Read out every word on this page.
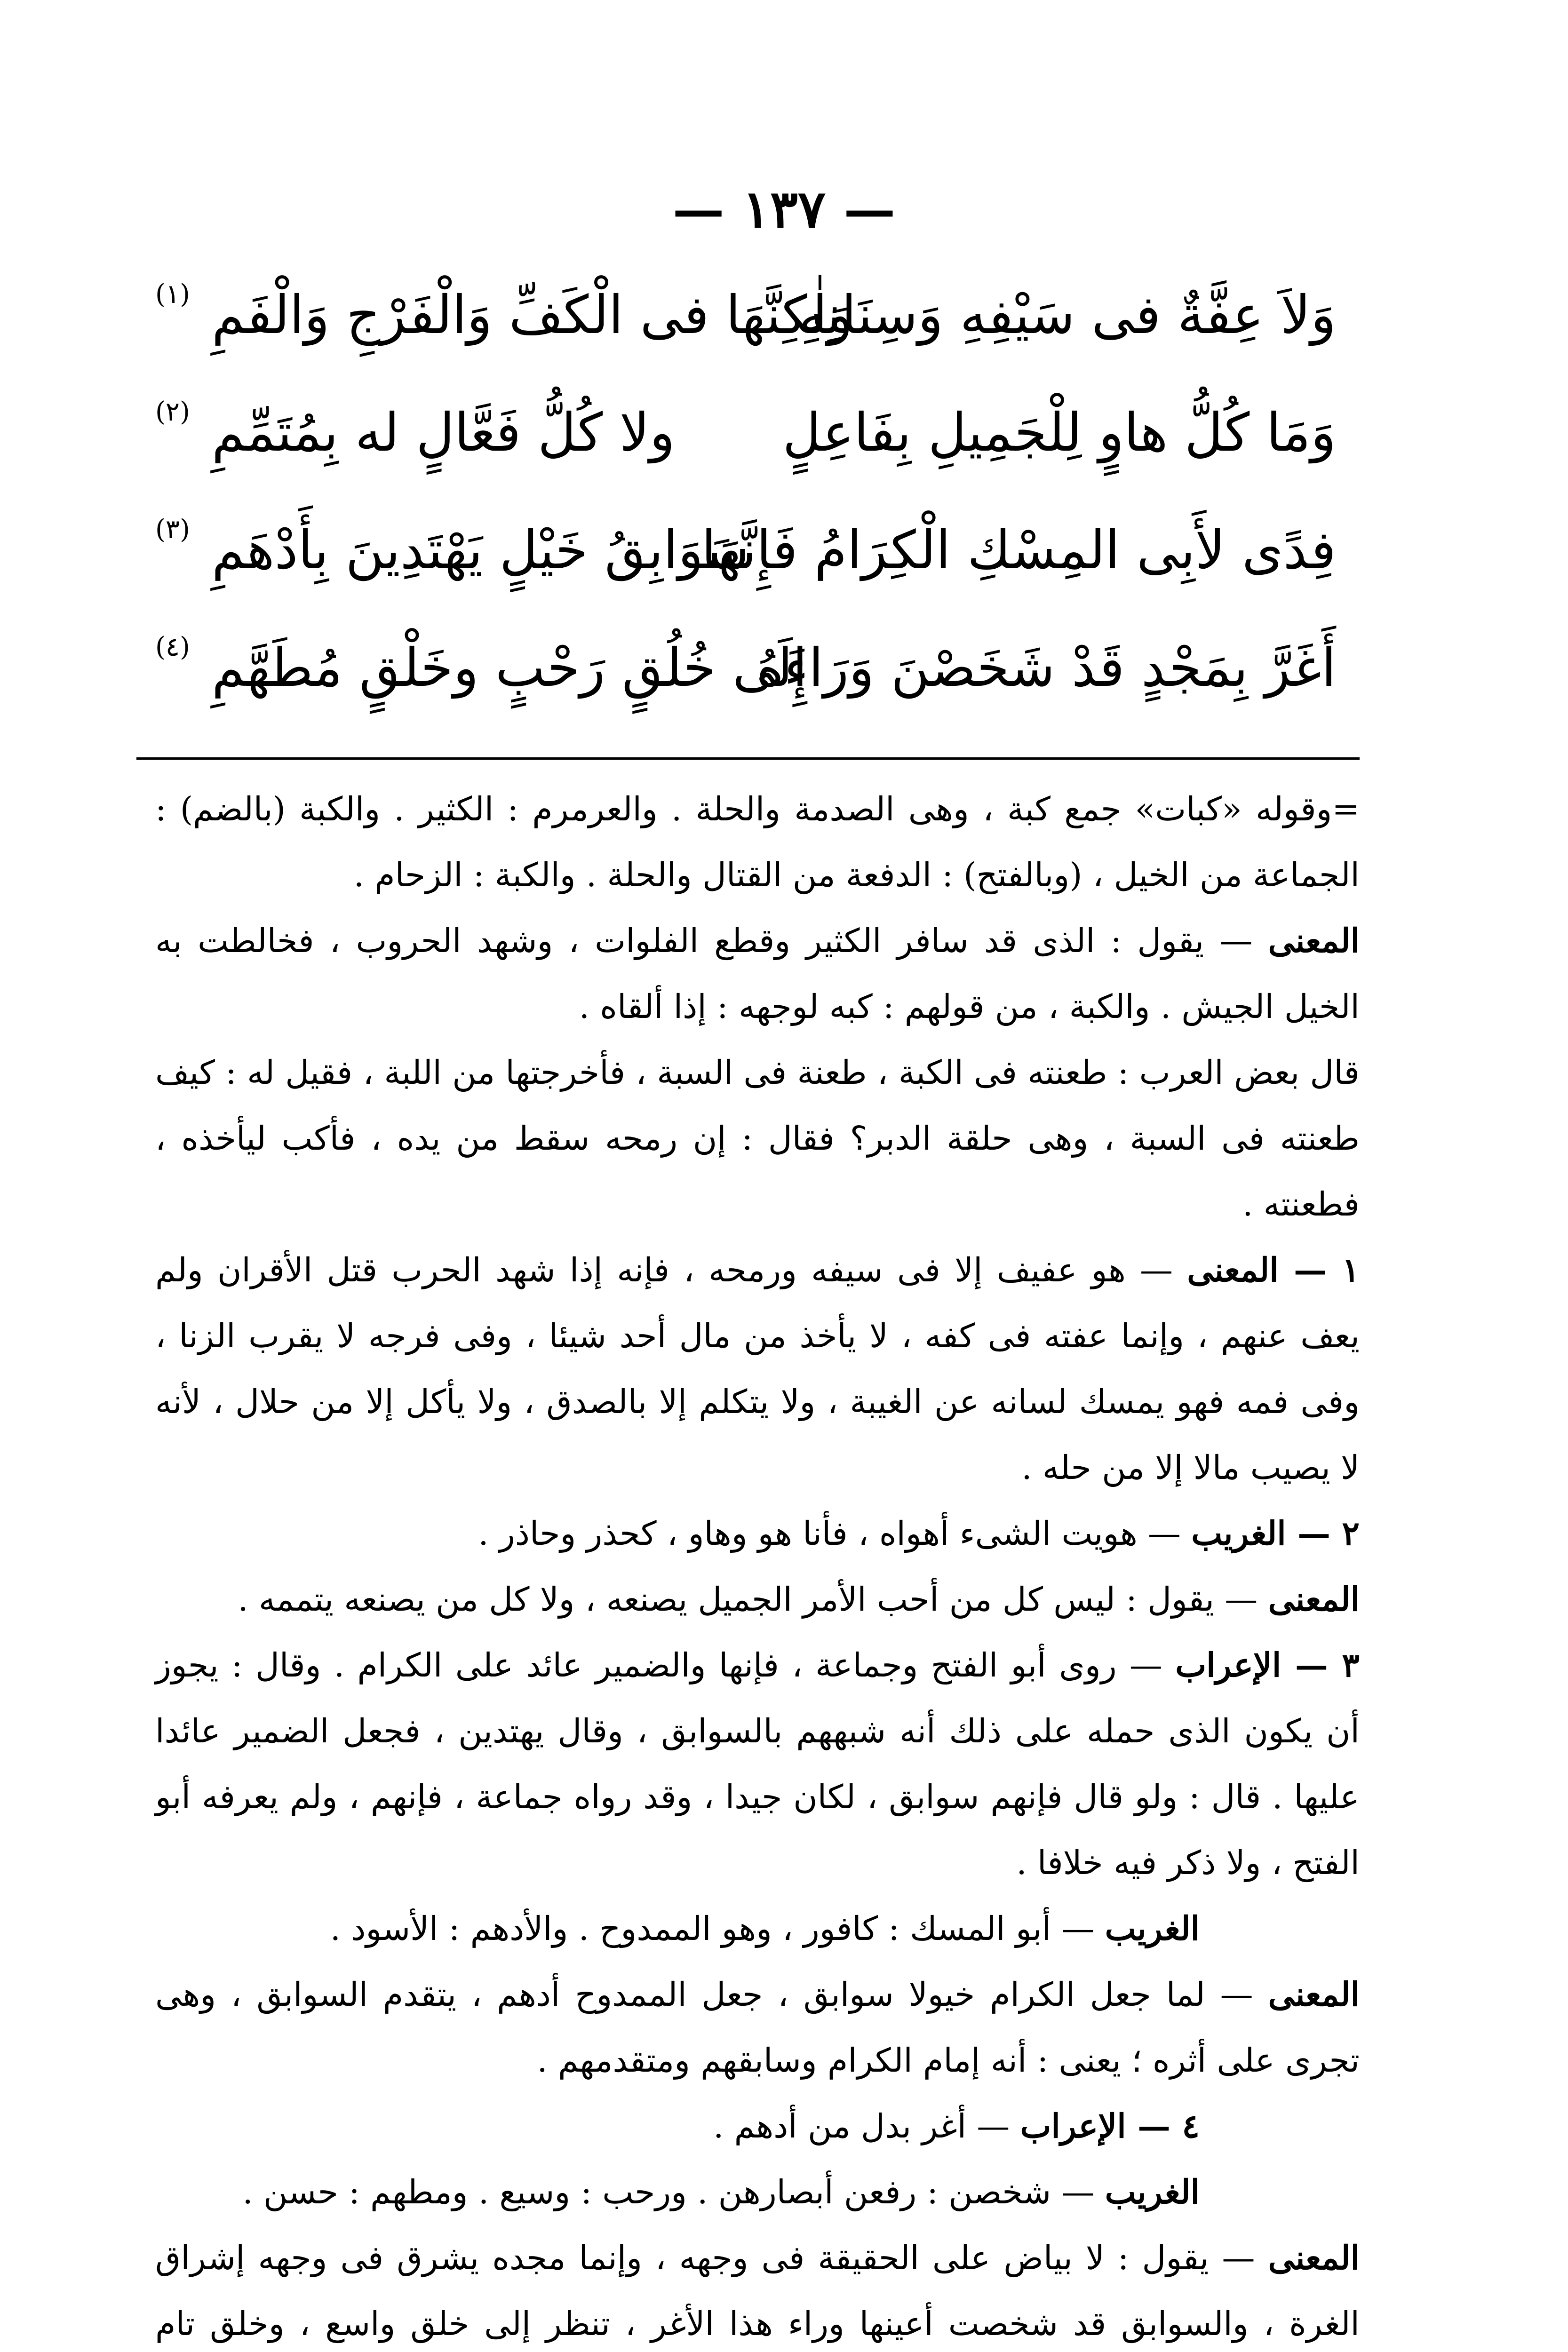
— ١٣٧ —
وَلاَ عِفَّةٌ فى سَيْفِهِ وَسِنَانِهِ
وَلٰكِنَّهَا فى الْكَفِّ وَالْفَرْجِ وَالْفَمِ
(١)
وَمَا كُلُّ هاوٍ لِلْجَمِيلِ بِفَاعِلٍ
ولا كُلُّ فَعَّالٍ له بِمُتَمِّمِ
(٢)
فِدًى لأَبِى المِسْكِ الْكِرَامُ فَإِنَّهَا
سَوَابِقُ خَيْلٍ يَهْتَدِينَ بِأَدْهَمِ
(٣)
أَغَرَّ بِمَجْدٍ قَدْ شَخَصْنَ وَرَاءَهُ
إِلَى خُلُقٍ رَحْبٍ وخَلْقٍ مُطَهَّمِ
(٤)

=وقوله «كبات» جمع كبة ، وهى الصدمة والحلة . والعرمرم : الكثير . والكبة (بالضم) : الجماعة من الخيل ، (وبالفتح) : الدفعة من القتال والحلة . والكبة : الزحام .

المعنى — يقول : الذى قد سافر الكثير وقطع الفلوات ، وشهد الحروب ، فخالطت به الخيل الجيش . والكبة ، من قولهم : كبه لوجهه : إذا ألقاه .

قال بعض العرب : طعنته فى الكبة ، طعنة فى السبة ، فأخرجتها من اللبة ، فقيل له : كيف طعنته فى السبة ، وهى حلقة الدبر؟ فقال : إن رمحه سقط من يده ، فأكب ليأخذه ، فطعنته .

١ — المعنى — هو عفيف إلا فى سيفه ورمحه ، فإنه إذا شهد الحرب قتل الأقران ولم يعف عنهم ، وإنما عفته فى كفه ، لا يأخذ من مال أحد شيئا ، وفى فرجه لا يقرب الزنا ، وفى فمه فهو يمسك لسانه عن الغيبة ، ولا يتكلم إلا بالصدق ، ولا يأكل إلا من حلال ، لأنه لا يصيب مالا إلا من حله .

٢ — الغريب — هويت الشىء أهواه ، فأنا هو وهاو ، كحذر وحاذر .

المعنى — يقول : ليس كل من أحب الأمر الجميل يصنعه ، ولا كل من يصنعه يتممه .

٣ — الإعراب — روى أبو الفتح وجماعة ، فإنها والضمير عائد على الكرام . وقال : يجوز أن يكون الذى حمله على ذلك أنه شبههم بالسوابق ، وقال يهتدين ، فجعل الضمير عائدا عليها . قال : ولو قال فإنهم سوابق ، لكان جيدا ، وقد رواه جماعة ، فإنهم ، ولم يعرفه أبو الفتح ، ولا ذكر فيه خلافا .

الغريب — أبو المسك : كافور ، وهو الممدوح . والأدهم : الأسود .

المعنى — لما جعل الكرام خيولا سوابق ، جعل الممدوح أدهم ، يتقدم السوابق ، وهى تجرى على أثره ؛ يعنى : أنه إمام الكرام وسابقهم ومتقدمهم .

٤ — الإعراب — أغر بدل من أدهم .

الغريب — شخصن : رفعن أبصارهن . ورحب : وسيع . ومطهم : حسن .

المعنى — يقول : لا بياض على الحقيقة فى وجهه ، وإنما مجده يشرق فى وجهه إشراق الغرة ، والسوابق قد شخصت أعينها وراء هذا الأغر ، تنظر إلى خلق واسع ، وخلق تام
